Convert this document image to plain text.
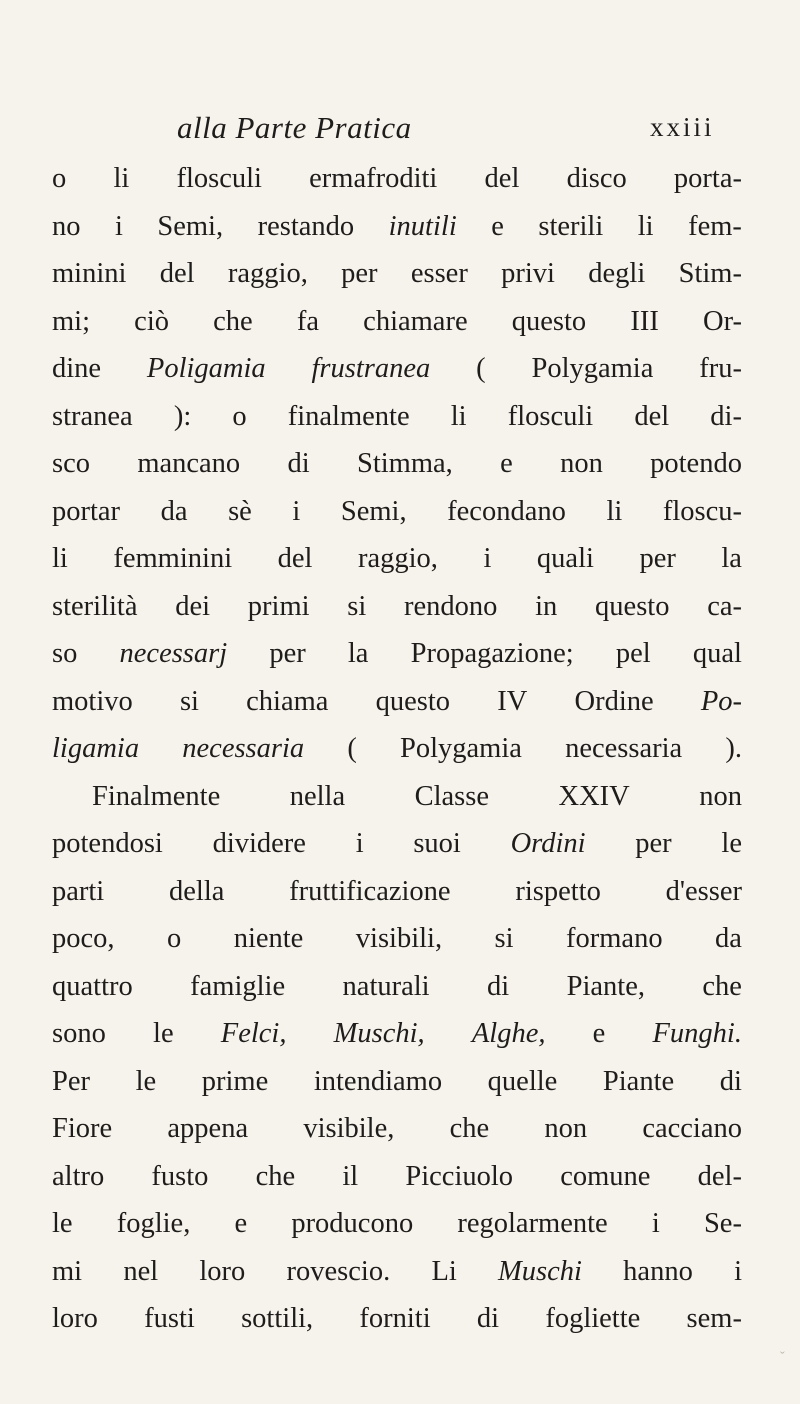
alla Parte Pratica	xxiii
o li flosculi ermafroditi del disco porta-
no i Semi, restando inutili e sterili li fem-
minini del raggio, per esser privi degli Stim-
mi; ciò che fa chiamare questo III Or-
dine Poligamia frustranea ( Polygamia fru-
stranea ): o finalmente li flosculi del di-
sco mancano di Stimma, e non potendo
portar da sè i Semi, fecondano li floscu-
li femminini del raggio, i quali per la
sterilità dei primi si rendono in questo ca-
so necessarj per la Propagazione; pel qual
motivo si chiama questo IV Ordine Po-
ligamia necessaria ( Polygamia necessaria ).
Finalmente nella Classe XXIV non
potendosi dividere i suoi Ordini per le
parti della fruttificazione rispetto d'esser
poco, o niente visibili, si formano da
quattro famiglie naturali di Piante, che
sono le Felci, Muschi, Alghe, e Funghi.
Per le prime intendiamo quelle Piante di
Fiore appena visibile, che non cacciano
altro fusto che il Picciuolo comune del-
le foglie, e producono regolarmente i Se-
mi nel loro rovescio. Li Muschi hanno i
loro fusti sottili, forniti di fogliette sem-
ˇ
